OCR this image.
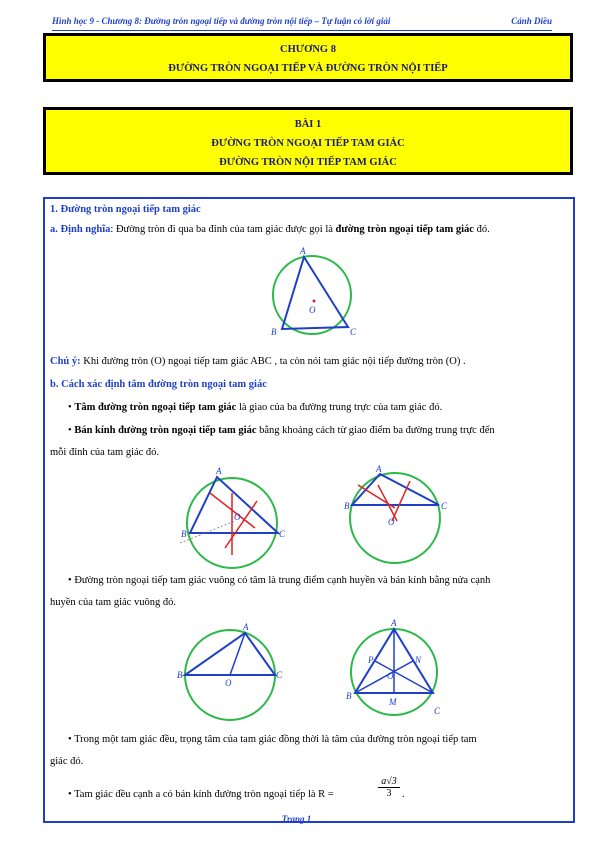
Hình học 9 - Chương 8: Đường tròn ngoại tiếp và đường tròn nội tiếp – Tự luận có lời giải	Cánh Diều
CHƯƠNG 8
ĐƯỜNG TRÒN NGOẠI TIẾP VÀ ĐƯỜNG TRÒN NỘI TIẾP
BÀI 1
ĐƯỜNG TRÒN NGOẠI TIẾP TAM GIÁC
ĐƯỜNG TRÒN NỘI TIẾP TAM GIÁC
1. Đường tròn ngoại tiếp tam giác
a. Định nghĩa: Đường tròn đi qua ba đỉnh của tam giác được gọi là đường tròn ngoại tiếp tam giác đó.
A
B	C
O
Chú ý: Khi đường tròn (O) ngoại tiếp tam giác ABC , ta còn nói tam giác nội tiếp đường tròn (O) .
b. Cách xác định tâm đường tròn ngoại tam giác
• Tâm đường tròn ngoại tiếp tam giác là giao của ba đường trung trực của tam giác đó.
• Bán kính đường tròn ngoại tiếp tam giác bằng khoảng cách từ giao điểm ba đường trung trực đến
mỗi đỉnh của tam giác đó.
A
B	C
O
A
B	C
O
• Đường tròn ngoại tiếp tam giác vuông có tâm là trung điểm cạnh huyền và bán kính bằng nửa cạnh
huyền của tam giác vuông đó.
A
B	C
O
A
B
C
M
N
P
O
• Trong một tam giác đều, trọng tâm của tam giác đồng thời là tâm của đường tròn ngoại tiếp tam
giác đó.
• Tam giác đều cạnh a có bán kính đường tròn ngoại tiếp là R =	$\frac{a√3}{3}$ .
Trang 1
